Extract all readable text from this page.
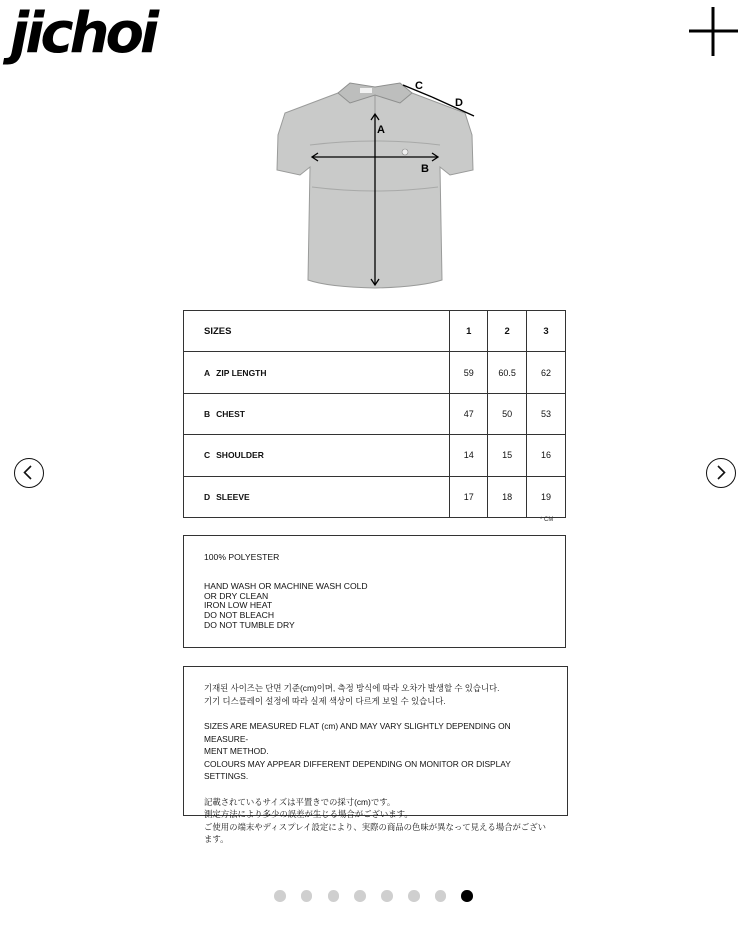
jichoi
A
B
C
D
SIZES	1	2	3
A ZIP LENGTH	59	60.5	62
B CHEST	47	50	53
C SHOULDER	14	15	16
D SLEEVE	17	18	19
* CM
100% POLYESTER
HAND WASH OR MACHINE WASH COLD
OR DRY CLEAN
IRON LOW HEAT
DO NOT BLEACH
DO NOT TUMBLE DRY
기재된 사이즈는 단면 기준(cm)이며, 측정 방식에 따라 오차가 발생할 수 있습니다.
기기 디스플레이 설정에 따라 실제 색상이 다르게 보일 수 있습니다.
SIZES ARE MEASURED FLAT (cm) AND MAY VARY SLIGHTLY DEPENDING ON MEASURE-
MENT METHOD.
COLOURS MAY APPEAR DIFFERENT DEPENDING ON MONITOR OR DISPLAY SETTINGS.
記載されているサイズは平置きでの採寸(cm)です。
測定方法により多少の誤差が生じる場合がございます。
ご使用の端末やディスプレイ設定により、実際の商品の色味が異なって見える場合がございます。
